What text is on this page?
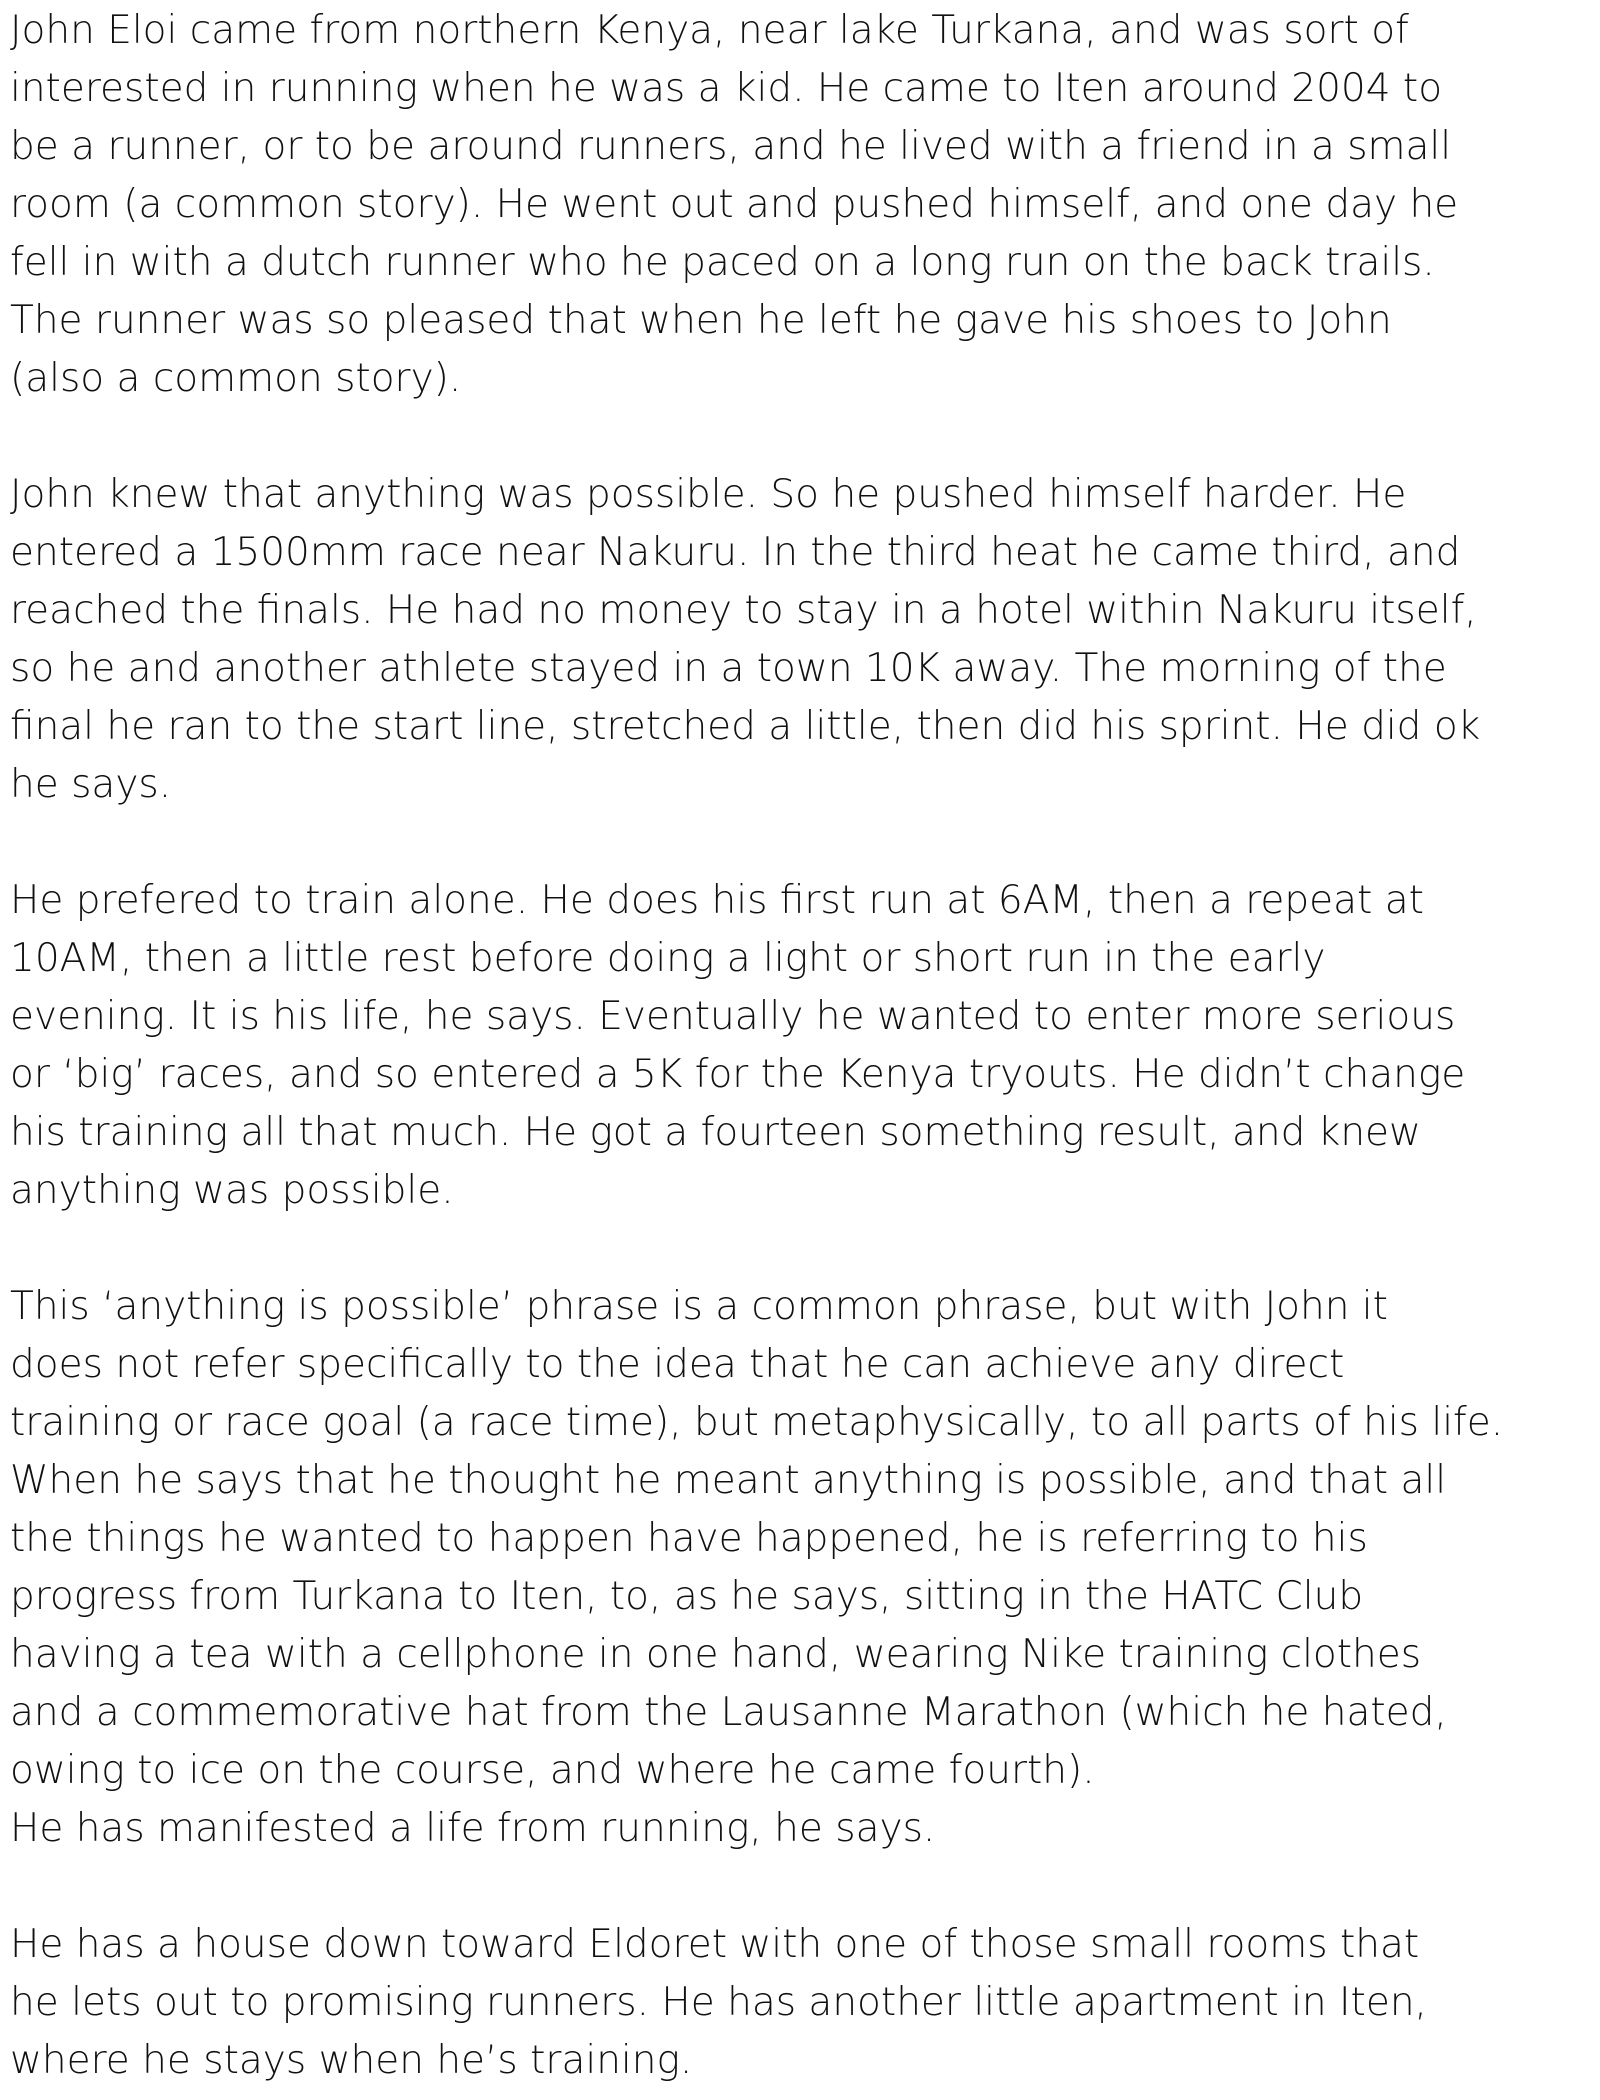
John Eloi came from northern Kenya, near lake Turkana, and was sort of
interested in running when he was a kid. He came to Iten around 2004 to
be a runner, or to be around runners, and he lived with a friend in a small
room (a common story). He went out and pushed himself, and one day he
fell in with a dutch runner who he paced on a long run on the back trails.
The runner was so pleased that when he left he gave his shoes to John
(also a common story).

John knew that anything was possible. So he pushed himself harder. He
entered a 1500mm race near Nakuru. In the third heat he came third, and
reached the finals. He had no money to stay in a hotel within Nakuru itself,
so he and another athlete stayed in a town 10K away. The morning of the
final he ran to the start line, stretched a little, then did his sprint. He did ok
he says.

He prefered to train alone. He does his first run at 6AM, then a repeat at
10AM, then a little rest before doing a light or short run in the early
evening. It is his life, he says. Eventually he wanted to enter more serious
or ‘big’ races, and so entered a 5K for the Kenya tryouts. He didn’t change
his training all that much. He got a fourteen something result, and knew
anything was possible.

This ‘anything is possible’ phrase is a common phrase, but with John it
does not refer specifically to the idea that he can achieve any direct
training or race goal (a race time), but metaphysically, to all parts of his life.
When he says that he thought he meant anything is possible, and that all
the things he wanted to happen have happened, he is referring to his
progress from Turkana to Iten, to, as he says, sitting in the HATC Club
having a tea with a cellphone in one hand, wearing Nike training clothes
and a commemorative hat from the Lausanne Marathon (which he hated,
owing to ice on the course, and where he came fourth).
He has manifested a life from running, he says.

He has a house down toward Eldoret with one of those small rooms that
he lets out to promising runners. He has another little apartment in Iten,
where he stays when he’s training.
